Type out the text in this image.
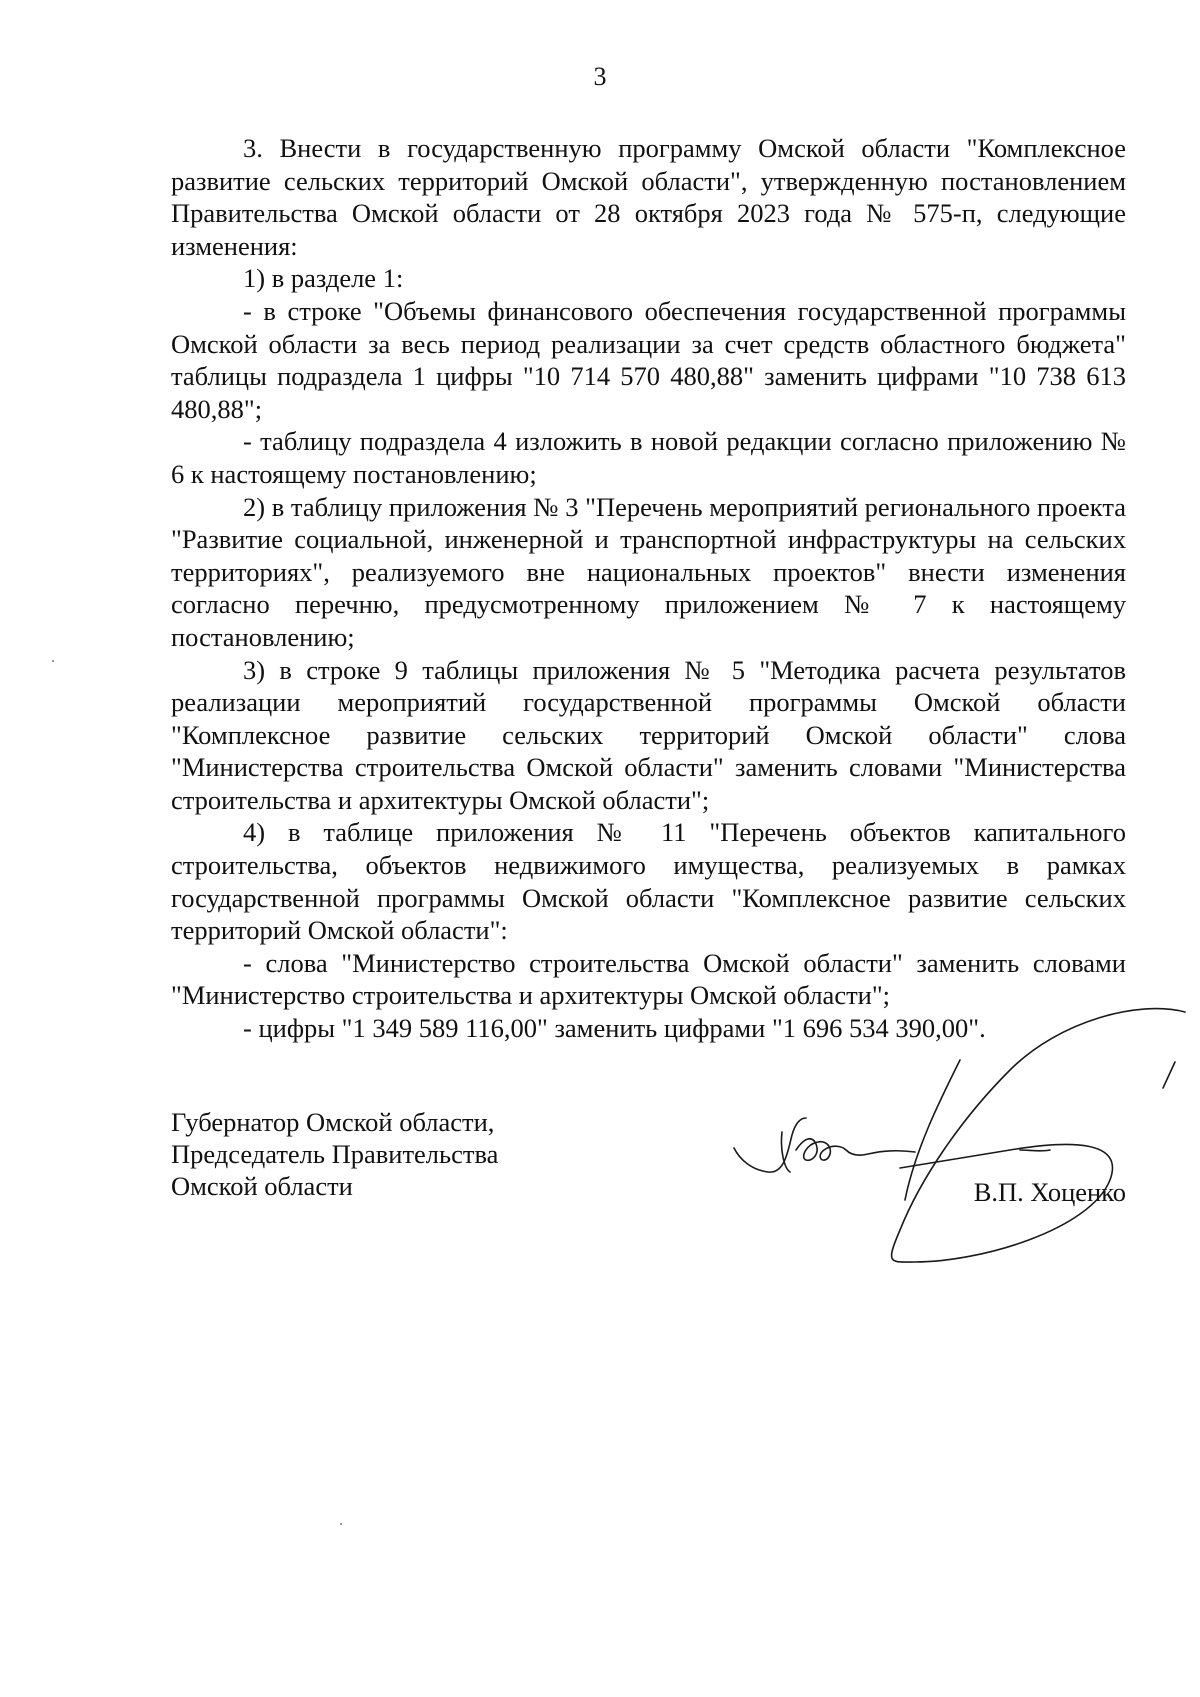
3

3. Внести в государственную программу Омской области "Комплексное развитие сельских территорий Омской области", утвержденную постановлением Правительства Омской области от 28 октября 2023 года № 575-п, следующие изменения:

1) в разделе 1:

- в строке "Объемы финансового обеспечения государственной программы Омской области за весь период реализации за счет средств областного бюджета" таблицы подраздела 1 цифры "10 714 570 480,88" заменить цифрами "10 738 613 480,88";

- таблицу подраздела 4 изложить в новой редакции согласно приложению № 6 к настоящему постановлению;

2) в таблицу приложения № 3 "Перечень мероприятий регионального проекта "Развитие социальной, инженерной и транспортной инфраструктуры на сельских территориях", реализуемого вне национальных проектов" внести изменения согласно перечню, предусмотренному приложением № 7 к настоящему постановлению;

3) в строке 9 таблицы приложения № 5 "Методика расчета результатов реализации мероприятий государственной программы Омской области "Комплексное развитие сельских территорий Омской области" слова "Министерства строительства Омской области" заменить словами "Министерства строительства и архитектуры Омской области";

4) в таблице приложения № 11 "Перечень объектов капитального строительства, объектов недвижимого имущества, реализуемых в рамках государственной программы Омской области "Комплексное развитие сельских территорий Омской области":

- слова "Министерство строительства Омской области" заменить словами "Министерство строительства и архитектуры Омской области";

- цифры "1 349 589 116,00" заменить цифрами "1 696 534 390,00".

Губернатор Омской области,
Председатель Правительства
Омской области	В.П. Хоценко
